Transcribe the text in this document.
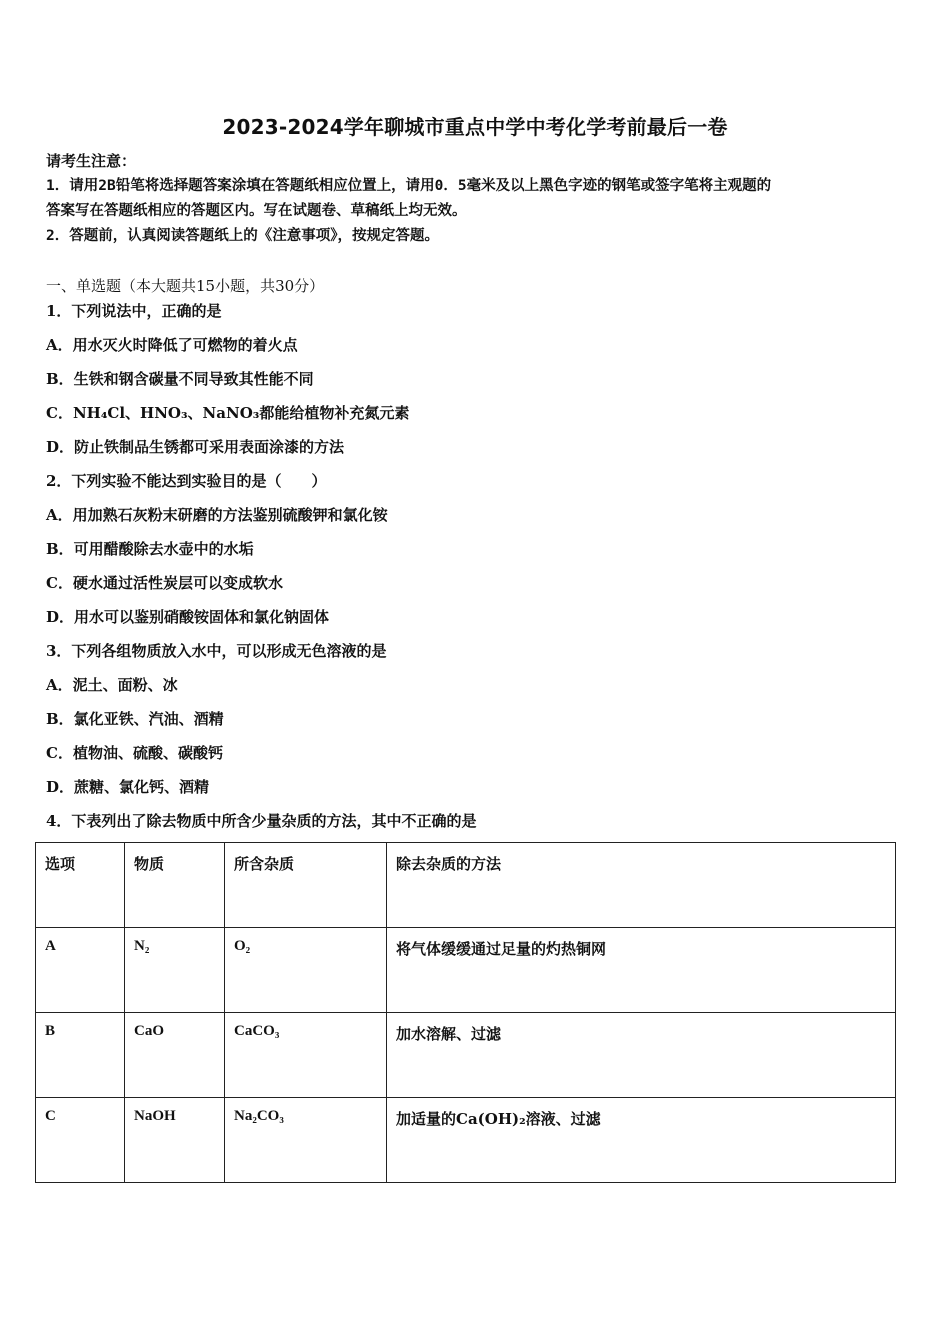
2023-2024学年聊城市重点中学中考化学考前最后一卷
请考生注意：
1．请用2B铅笔将选择题答案涂填在答题纸相应位置上，请用0．5毫米及以上黑色字迹的钢笔或签字笔将主观题的
答案写在答题纸相应的答题区内。写在试题卷、草稿纸上均无效。
2．答题前，认真阅读答题纸上的《注意事项》，按规定答题。
一、单选题（本大题共15小题，共30分）
1．下列说法中，正确的是
A．用水灭火时降低了可燃物的着火点
B．生铁和钢含碳量不同导致其性能不同
C．NH₄Cl、HNO₃、NaNO₃都能给植物补充氮元素
D．防止铁制品生锈都可采用表面涂漆的方法
2．下列实验不能达到实验目的是（　　）
A．用加熟石灰粉末研磨的方法鉴别硫酸钾和氯化铵
B．可用醋酸除去水壶中的水垢
C．硬水通过活性炭层可以变成软水
D．用水可以鉴别硝酸铵固体和氯化钠固体
3．下列各组物质放入水中，可以形成无色溶液的是
A．泥土、面粉、冰
B．氯化亚铁、汽油、酒精
C．植物油、硫酸、碳酸钙
D．蔗糖、氯化钙、酒精
4．下表列出了除去物质中所含少量杂质的方法，其中不正确的是
选项	物质	所含杂质	除去杂质的方法
A	N₂	O₂	将气体缓缓通过足量的灼热铜网
B	CaO	CaCO₃	加水溶解、过滤
C	NaOH	Na₂CO₃	加适量的Ca(OH)₂溶液、过滤
